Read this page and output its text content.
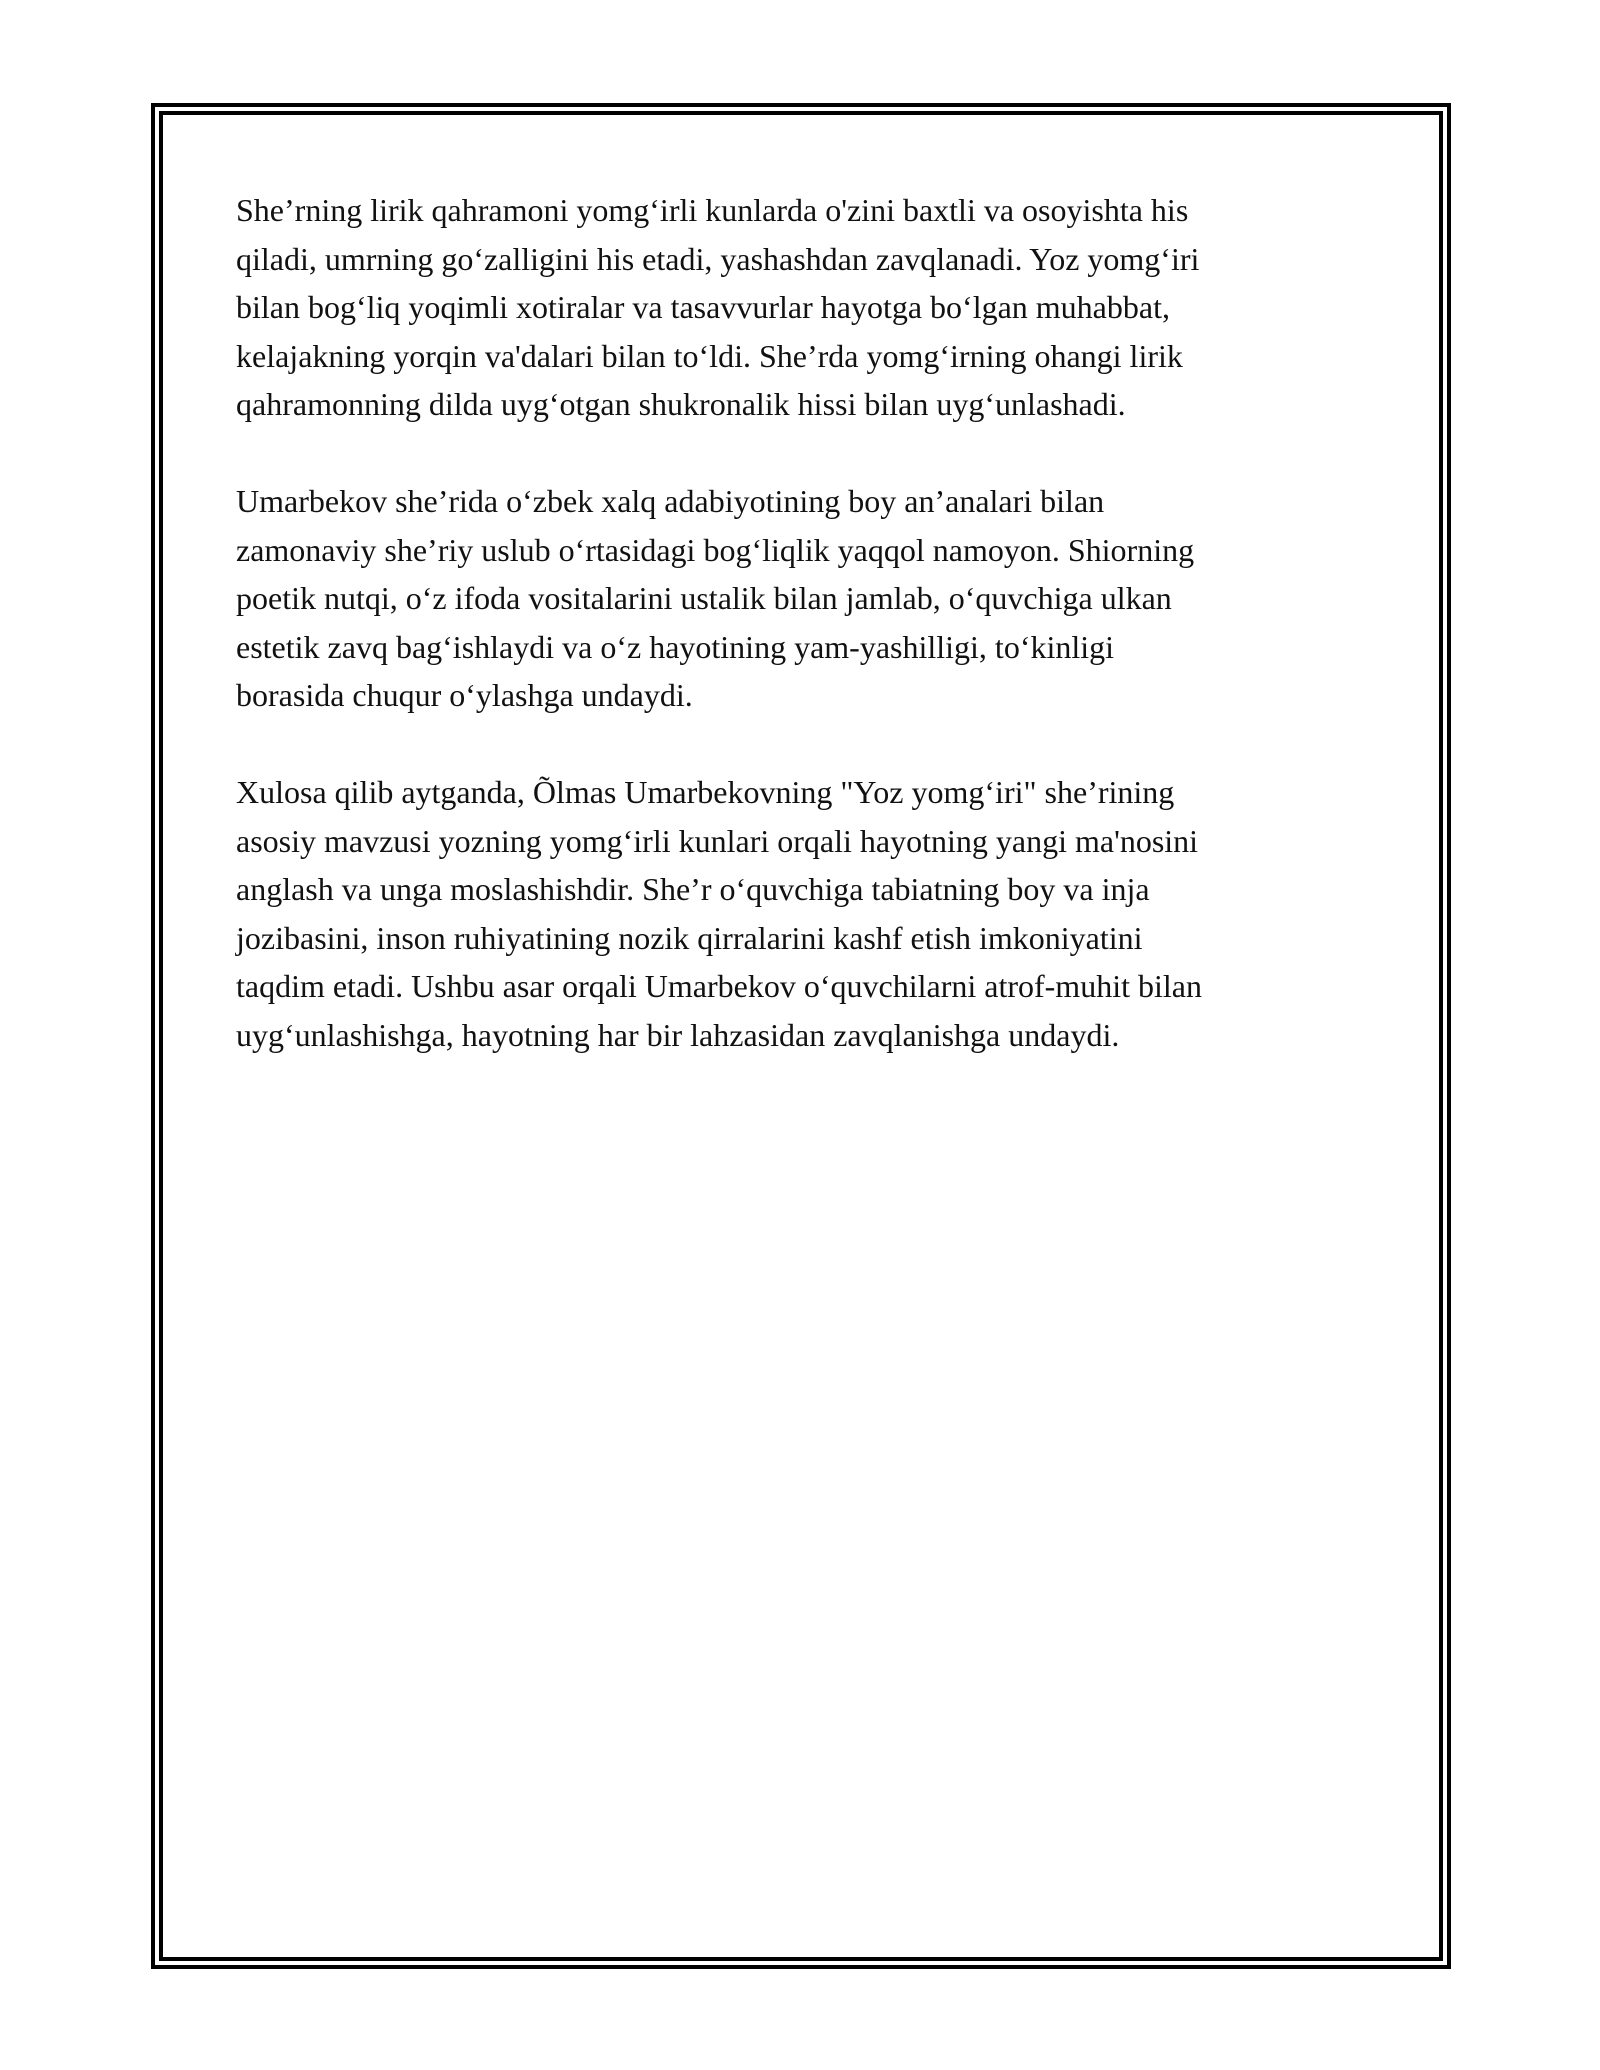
She’rning lirik qahramoni yomg‘irli kunlarda o'zini baxtli va osoyishta his
qiladi, umrning go‘zalligini his etadi, yashashdan zavqlanadi. Yoz yomg‘iri
bilan bog‘liq yoqimli xotiralar va tasavvurlar hayotga bo‘lgan muhabbat,
kelajakning yorqin va'dalari bilan to‘ldi. She’rda yomg‘irning ohangi lirik
qahramonning dilda uyg‘otgan shukronalik hissi bilan uyg‘unlashadi.

Umarbekov she’rida o‘zbek xalq adabiyotining boy an’analari bilan
zamonaviy she’riy uslub o‘rtasidagi bog‘liqlik yaqqol namoyon. Shiorning
poetik nutqi, o‘z ifoda vositalarini ustalik bilan jamlab, o‘quvchiga ulkan
estetik zavq bag‘ishlaydi va o‘z hayotining yam-yashilligi, to‘kinligi
borasida chuqur o‘ylashga undaydi.

Xulosa qilib aytganda, Õlmas Umarbekovning "Yoz yomg‘iri" she’rining
asosiy mavzusi yozning yomg‘irli kunlari orqali hayotning yangi ma'nosini
anglash va unga moslashishdir. She’r o‘quvchiga tabiatning boy va inja
jozibasini, inson ruhiyatining nozik qirralarini kashf etish imkoniyatini
taqdim etadi. Ushbu asar orqali Umarbekov o‘quvchilarni atrof-muhit bilan
uyg‘unlashishga, hayotning har bir lahzasidan zavqlanishga undaydi.
